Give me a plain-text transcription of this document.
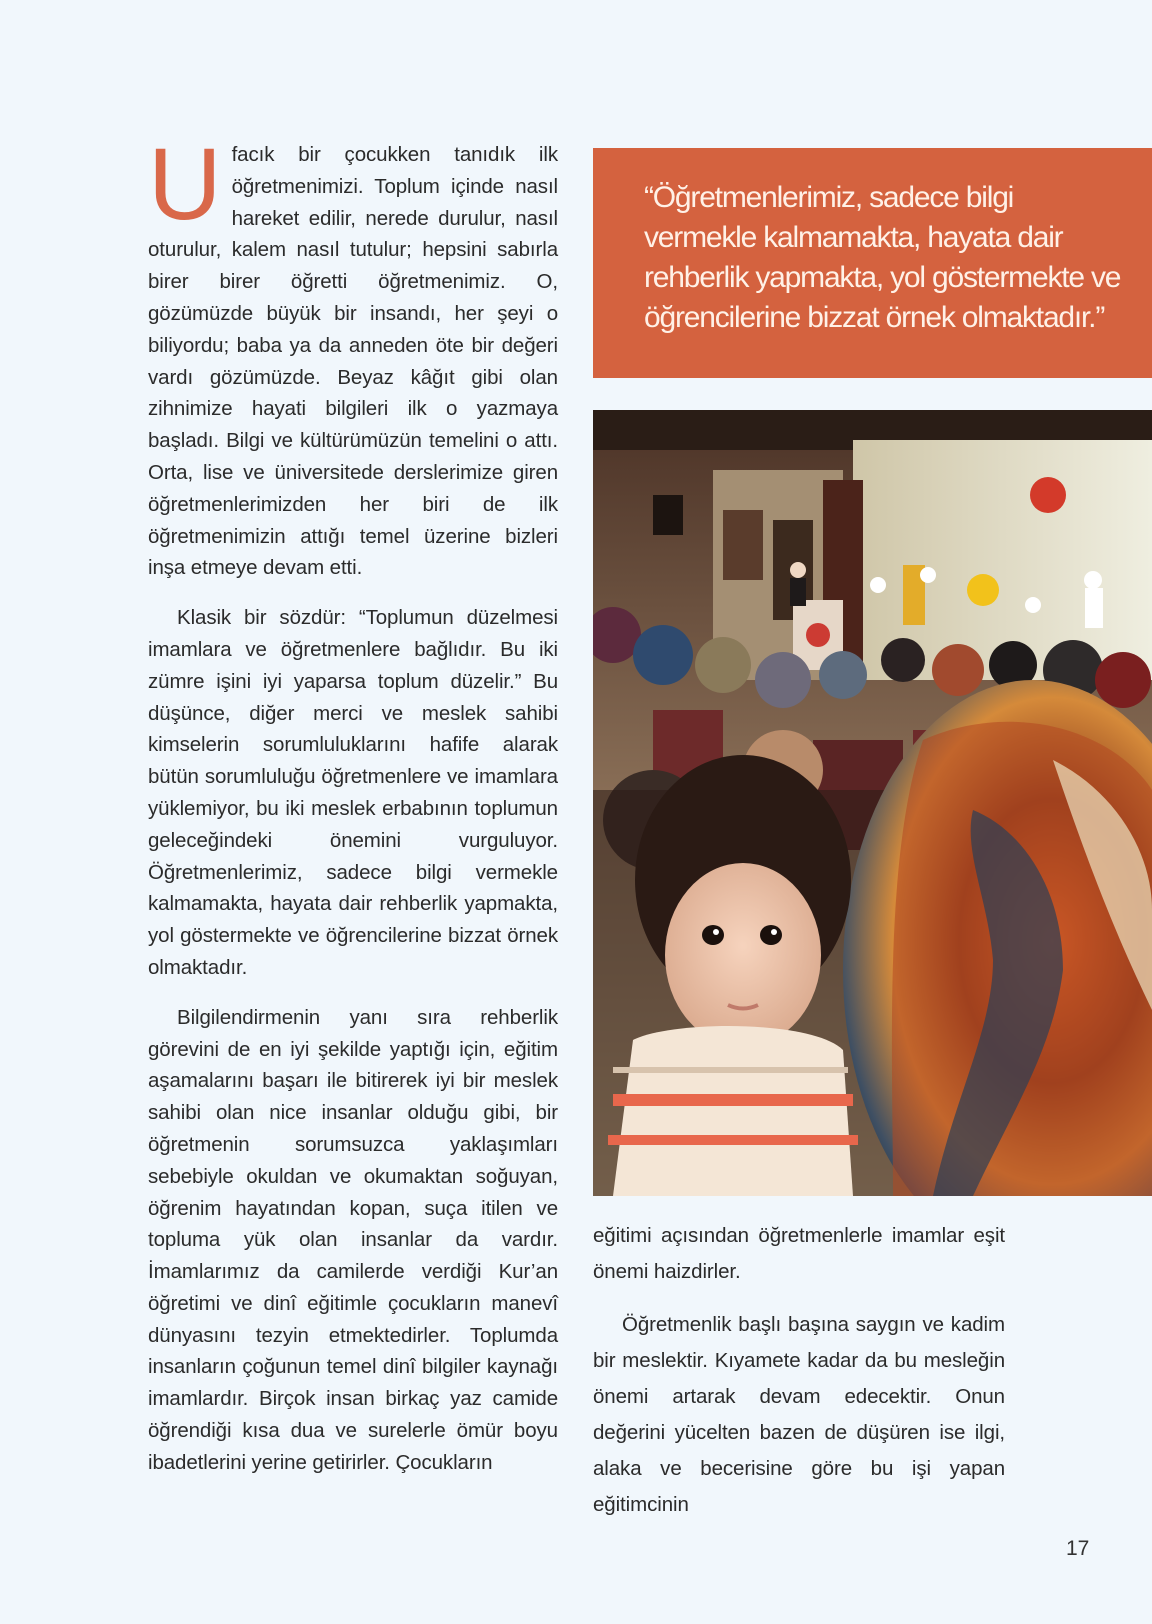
Ufacık bir çocukken tanıdık ilk öğretmenimizi. Toplum içinde nasıl hareket edilir, nerede durulur, nasıl oturulur, kalem nasıl tutulur; hepsini sabırla birer birer öğretti öğretmenimiz. O, gözümüzde büyük bir insandı, her şeyi o biliyordu; baba ya da anneden öte bir değeri vardı gözümüzde. Beyaz kâğıt gibi olan zihnimize hayati bilgileri ilk o yazmaya başladı. Bilgi ve kültürümüzün temelini o attı. Orta, lise ve üniversitede derslerimize giren öğretmenlerimizden her biri de ilk öğretmenimizin attığı temel üzerine bizleri inşa etmeye devam etti.

Klasik bir sözdür: “Toplumun düzelmesi imamlara ve öğretmenlere bağlıdır. Bu iki zümre işini iyi yaparsa toplum düzelir.” Bu düşünce, diğer merci ve meslek sahibi kimselerin sorumluluklarını hafife alarak bütün sorumluluğu öğretmenlere ve imamlara yüklemiyor, bu iki meslek erbabının toplumun geleceğindeki önemini vurguluyor. Öğretmenlerimiz, sadece bilgi vermekle kalmamakta, hayata dair rehberlik yapmakta, yol göstermekte ve öğrencilerine bizzat örnek olmaktadır.

Bilgilendirmenin yanı sıra rehberlik görevini de en iyi şekilde yaptığı için, eğitim aşamalarını başarı ile bitirerek iyi bir meslek sahibi olan nice insanlar olduğu gibi, bir öğretmenin sorumsuzca yaklaşımları sebebiyle okuldan ve okumaktan soğuyan, öğrenim hayatından kopan, suça itilen ve topluma yük olan insanlar da vardır. İmamlarımız da camilerde verdiği Kur’an öğretimi ve dinî eğitimle çocukların manevî dünyasını tezyin etmektedirler. Toplumda insanların çoğunun temel dinî bilgiler kaynağı imamlardır. Birçok insan birkaç yaz camide öğrendiği kısa dua ve surelerle ömür boyu ibadetlerini yerine getirirler. Çocukların

“Öğretmenlerimiz, sadece bilgi vermekle kalmamakta, hayata dair rehberlik yapmakta, yol göstermekte ve öğrencilerine bizzat örnek olmaktadır.”

eğitimi açısından öğretmenlerle imamlar eşit önemi haizdirler.

Öğretmenlik başlı başına saygın ve kadim bir meslektir. Kıyamete kadar da bu mesleğin önemi artarak devam edecektir. Onun değerini yücelten bazen de düşüren ise ilgi, alaka ve becerisine göre bu işi yapan eğitimcinin

17
